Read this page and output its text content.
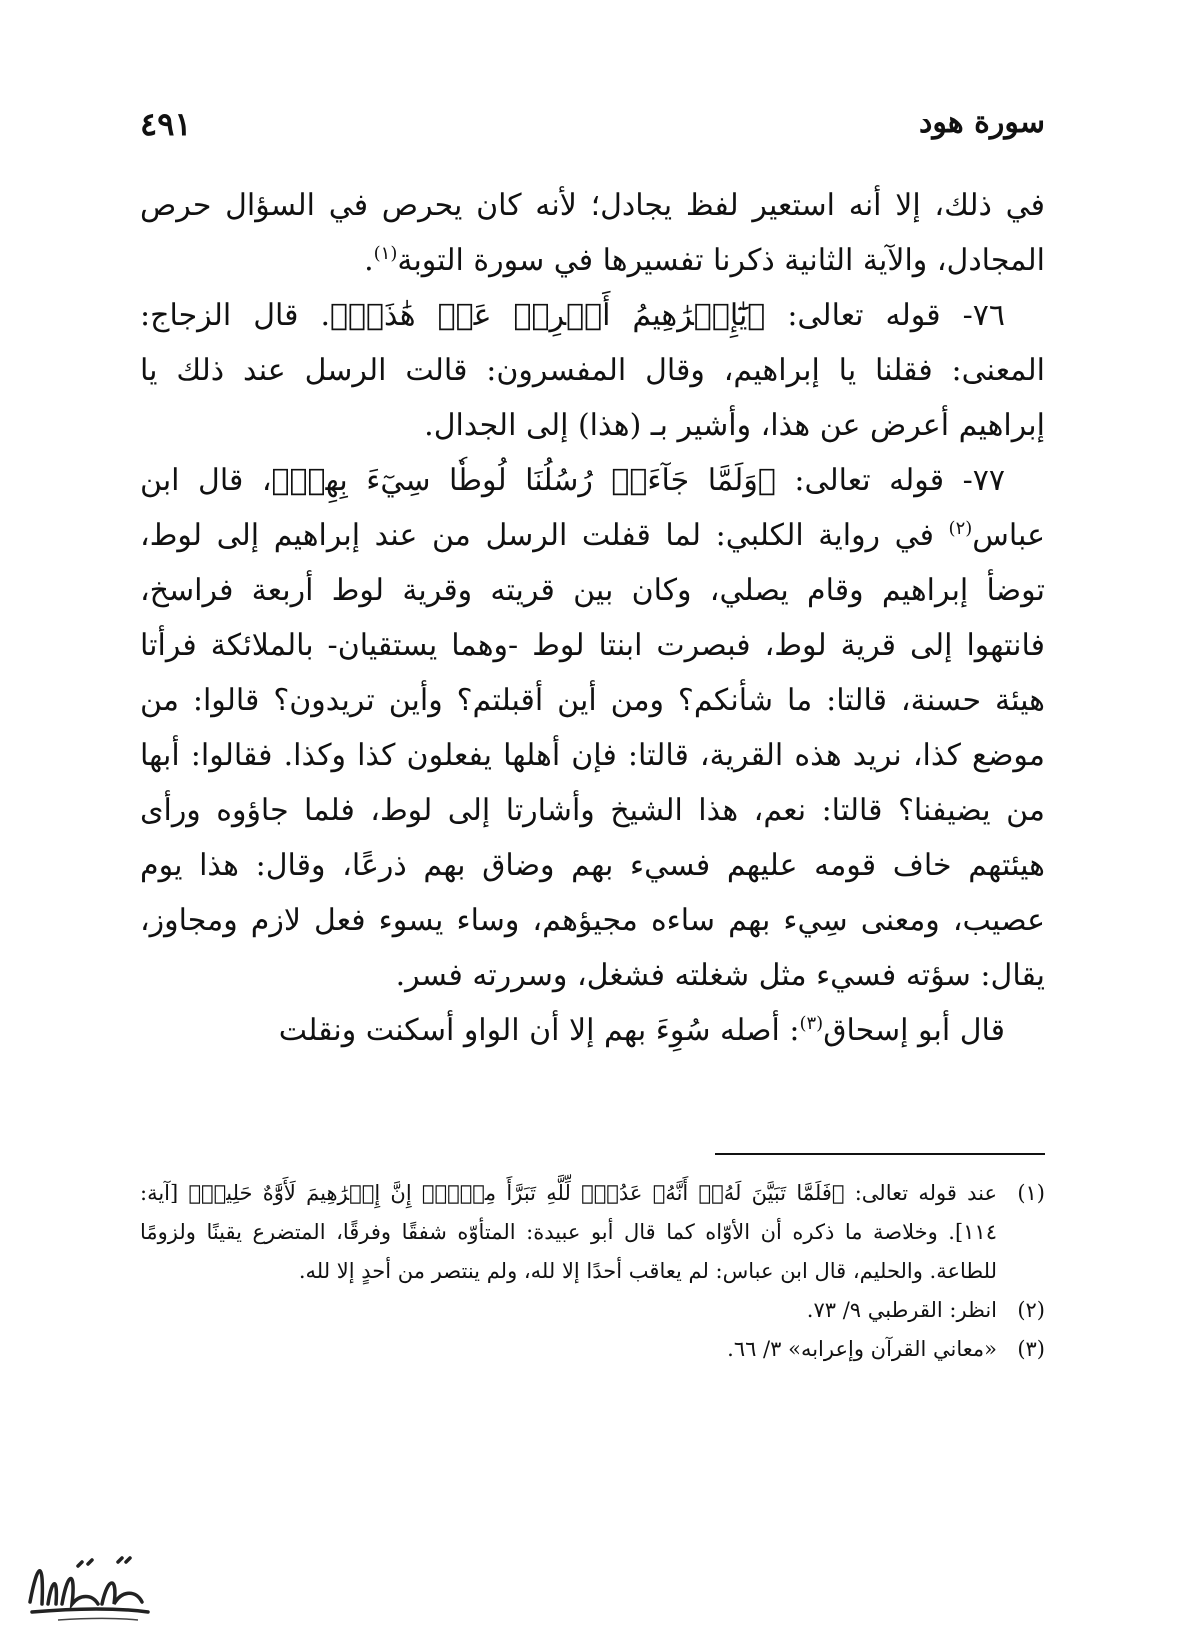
سورة هود
٤٩١

في ذلك، إلا أنه استعير لفظ يجادل؛ لأنه كان يحرص في السؤال حرص المجادل، والآية الثانية ذكرنا تفسيرها في سورة التوبة$^{(١)}$.

٧٦- قوله تعالى: ﴿يَٰٓإِبۡرَٰهِيمُ أَعۡرِضۡ عَنۡ هَٰذَآۖ﴾. قال الزجاج: المعنى: فقلنا يا إبراهيم، وقال المفسرون: قالت الرسل عند ذلك يا إبراهيم أعرض عن هذا، وأشير بـ (هذا) إلى الجدال.

٧٧- قوله تعالى: ﴿وَلَمَّا جَآءَتۡ رُسُلُنَا لُوطٗا سِيٓءَ بِهِمۡ﴾، قال ابن عباس$^{(٢)}$ في رواية الكلبي: لما قفلت الرسل من عند إبراهيم إلى لوط، توضأ إبراهيم وقام يصلي، وكان بين قريته وقرية لوط أربعة فراسخ، فانتهوا إلى قرية لوط، فبصرت ابنتا لوط -وهما يستقيان- بالملائكة فرأتا هيئة حسنة، قالتا: ما شأنكم؟ ومن أين أقبلتم؟ وأين تريدون؟ قالوا: من موضع كذا، نريد هذه القرية، قالتا: فإن أهلها يفعلون كذا وكذا. فقالوا: أبها من يضيفنا؟ قالتا: نعم، هذا الشيخ وأشارتا إلى لوط، فلما جاؤوه ورأى هيئتهم خاف قومه عليهم فسيء بهم وضاق بهم ذرعًا، وقال: هذا يوم عصيب، ومعنى سِيء بهم ساءه مجيؤهم، وساء يسوء فعل لازم ومجاوز، يقال: سؤته فسيء مثل شغلته فشغل، وسررته فسر.

قال أبو إسحاق$^{(٣)}$: أصله سُوِءَ بهم إلا أن الواو أسكنت ونقلت

(١)
عند قوله تعالى: ﴿فَلَمَّا تَبَيَّنَ لَهُۥٓ أَنَّهُۥ عَدُوّٞ لِّلَّهِ تَبَرَّأَ مِنۡهُۚ إِنَّ إِبۡرَٰهِيمَ لَأَوَّٰهٌ حَلِيمٞ﴾ [آية: ١١٤]. وخلاصة ما ذكره أن الأوّاه كما قال أبو عبيدة: المتأوّه شفقًا وفرقًا، المتضرع يقينًا ولزومًا للطاعة. والحليم، قال ابن عباس: لم يعاقب أحدًا إلا لله، ولم ينتصر من أحدٍ إلا لله.
(٢)
انظر: القرطبي ٩/ ٧٣.
(٣)
«معاني القرآن وإعرابه» ٣/ ٦٦.
